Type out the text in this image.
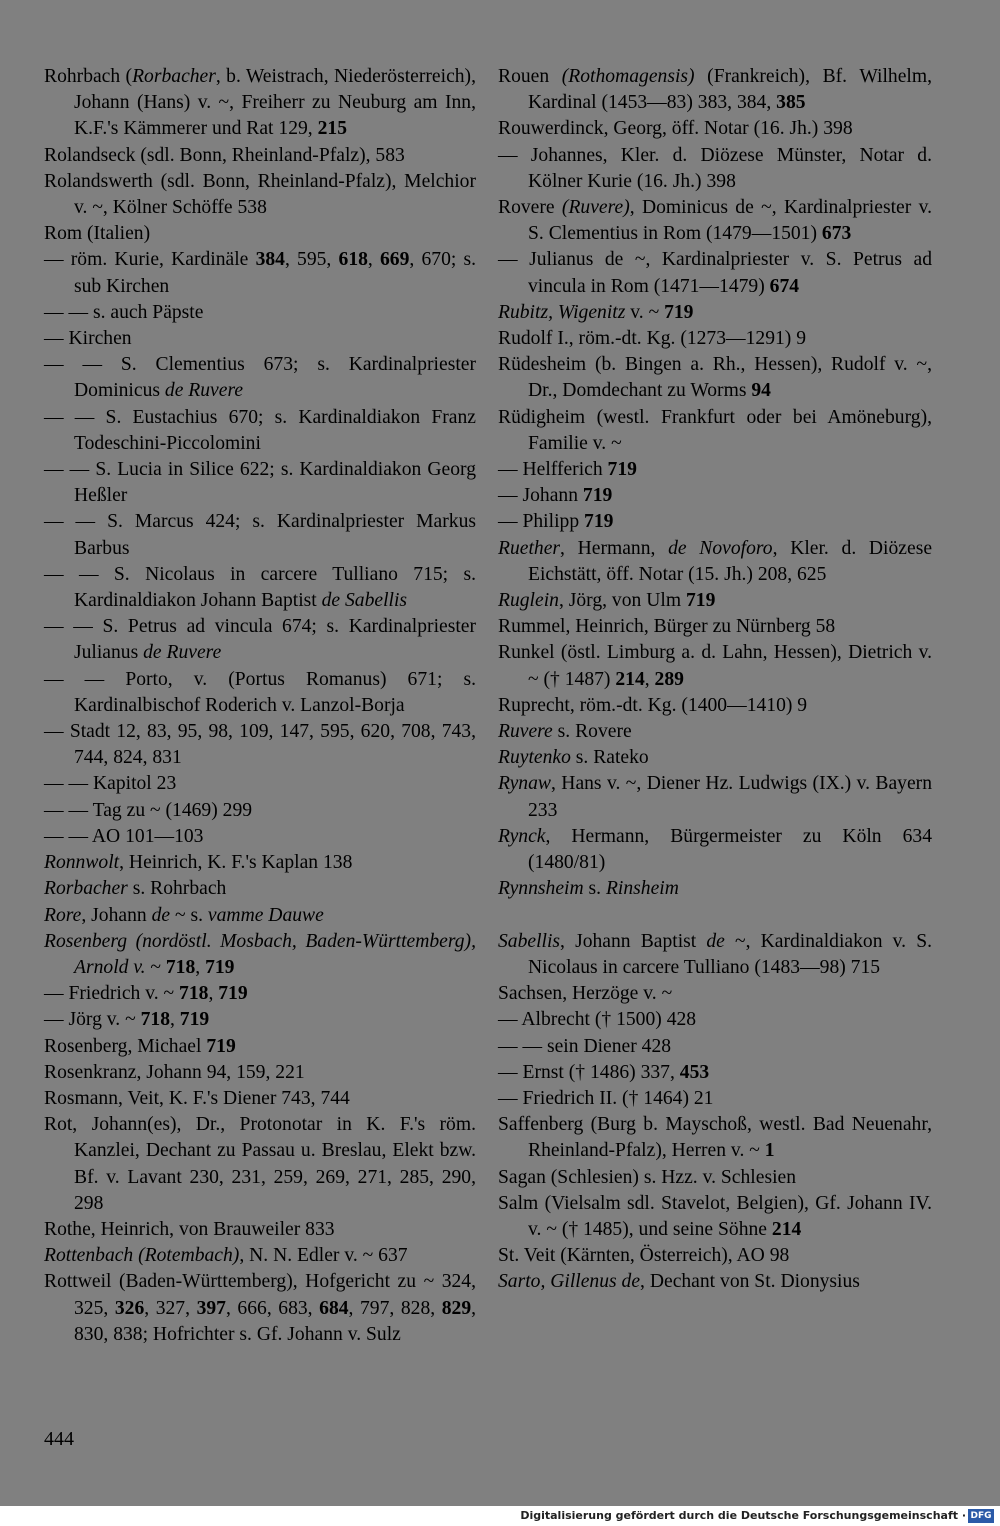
Rohrbach (Rorbacher, b. Weistrach, Niederösterreich), Johann (Hans) v. ~, Freiherr zu Neuburg am Inn, K.F.'s Kämmerer und Rat 129, 215
Rolandseck (sdl. Bonn, Rheinland-Pfalz), 583
Rolandswerth (sdl. Bonn, Rheinland-Pfalz), Melchior v. ~, Kölner Schöffe 538
Rom (Italien)
— röm. Kurie, Kardinäle 384, 595, 618, 669, 670; s. sub Kirchen
— — s. auch Päpste
— Kirchen
— — S. Clementius 673; s. Kardinalpriester Dominicus de Ruvere
— — S. Eustachius 670; s. Kardinaldiakon Franz Todeschini-Piccolomini
— — S. Lucia in Silice 622; s. Kardinaldiakon Georg Heßler
— — S. Marcus 424; s. Kardinalpriester Markus Barbus
— — S. Nicolaus in carcere Tulliano 715; s. Kardinaldiakon Johann Baptist de Sabellis
— — S. Petrus ad vincula 674; s. Kardinalpriester Julianus de Ruvere
— — Porto, v. (Portus Romanus) 671; s. Kardinalbischof Roderich v. Lanzol-Borja
— Stadt 12, 83, 95, 98, 109, 147, 595, 620, 708, 743, 744, 824, 831
— — Kapitol 23
— — Tag zu ~ (1469) 299
— — AO 101—103
Ronnwolt, Heinrich, K. F.'s Kaplan 138
Rorbacher s. Rohrbach
Rore, Johann de ~ s. vamme Dauwe
Rosenberg (nordöstl. Mosbach, Baden-Württemberg), Arnold v. ~ 718, 719
— Friedrich v. ~ 718, 719
— Jörg v. ~ 718, 719
Rosenberg, Michael 719
Rosenkranz, Johann 94, 159, 221
Rosmann, Veit, K. F.'s Diener 743, 744
Rot, Johann(es), Dr., Protonotar in K. F.'s röm. Kanzlei, Dechant zu Passau u. Breslau, Elekt bzw. Bf. v. Lavant 230, 231, 259, 269, 271, 285, 290, 298
Rothe, Heinrich, von Brauweiler 833
Rottenbach (Rotembach), N. N. Edler v. ~ 637
Rottweil (Baden-Württemberg), Hofgericht zu ~ 324, 325, 326, 327, 397, 666, 683, 684, 797, 828, 829, 830, 838; Hofrichter s. Gf. Johann v. Sulz
Rouen (Rothomagensis) (Frankreich), Bf. Wilhelm, Kardinal (1453—83) 383, 384, 385
Rouwerdinck, Georg, öff. Notar (16. Jh.) 398
— Johannes, Kler. d. Diözese Münster, Notar d. Kölner Kurie (16. Jh.) 398
Rovere (Ruvere), Dominicus de ~, Kardinalpriester v. S. Clementius in Rom (1479—1501) 673
— Julianus de ~, Kardinalpriester v. S. Petrus ad vincula in Rom (1471—1479) 674
Rubitz, Wigenitz v. ~ 719
Rudolf I., röm.-dt. Kg. (1273—1291) 9
Rüdesheim (b. Bingen a. Rh., Hessen), Rudolf v. ~, Dr., Domdechant zu Worms 94
Rüdigheim (westl. Frankfurt oder bei Amöneburg), Familie v. ~
— Helfferich 719
— Johann 719
— Philipp 719
Ruether, Hermann, de Novoforo, Kler. d. Diözese Eichstätt, öff. Notar (15. Jh.) 208, 625
Ruglein, Jörg, von Ulm 719
Rummel, Heinrich, Bürger zu Nürnberg 58
Runkel (östl. Limburg a. d. Lahn, Hessen), Dietrich v. ~ († 1487) 214, 289
Ruprecht, röm.-dt. Kg. (1400—1410) 9
Ruvere s. Rovere
Ruytenko s. Rateko
Rynaw, Hans v. ~, Diener Hz. Ludwigs (IX.) v. Bayern 233
Rynck, Hermann, Bürgermeister zu Köln 634 (1480/81)
Rynnsheim s. Rinsheim
Sabellis, Johann Baptist de ~, Kardinaldiakon v. S. Nicolaus in carcere Tulliano (1483—98) 715
Sachsen, Herzöge v. ~
— Albrecht († 1500) 428
— — sein Diener 428
— Ernst († 1486) 337, 453
— Friedrich II. († 1464) 21
Saffenberg (Burg b. Mayschoß, westl. Bad Neuenahr, Rheinland-Pfalz), Herren v. ~ 1
Sagan (Schlesien) s. Hzz. v. Schlesien
Salm (Vielsalm sdl. Stavelot, Belgien), Gf. Johann IV. v. ~ († 1485), und seine Söhne 214
St. Veit (Kärnten, Österreich), AO 98
Sarto, Gillenus de, Dechant von St. Dionysius
444
Digitalisierung gefördert durch die Deutsche Forschungsgemeinschaft · DFG
